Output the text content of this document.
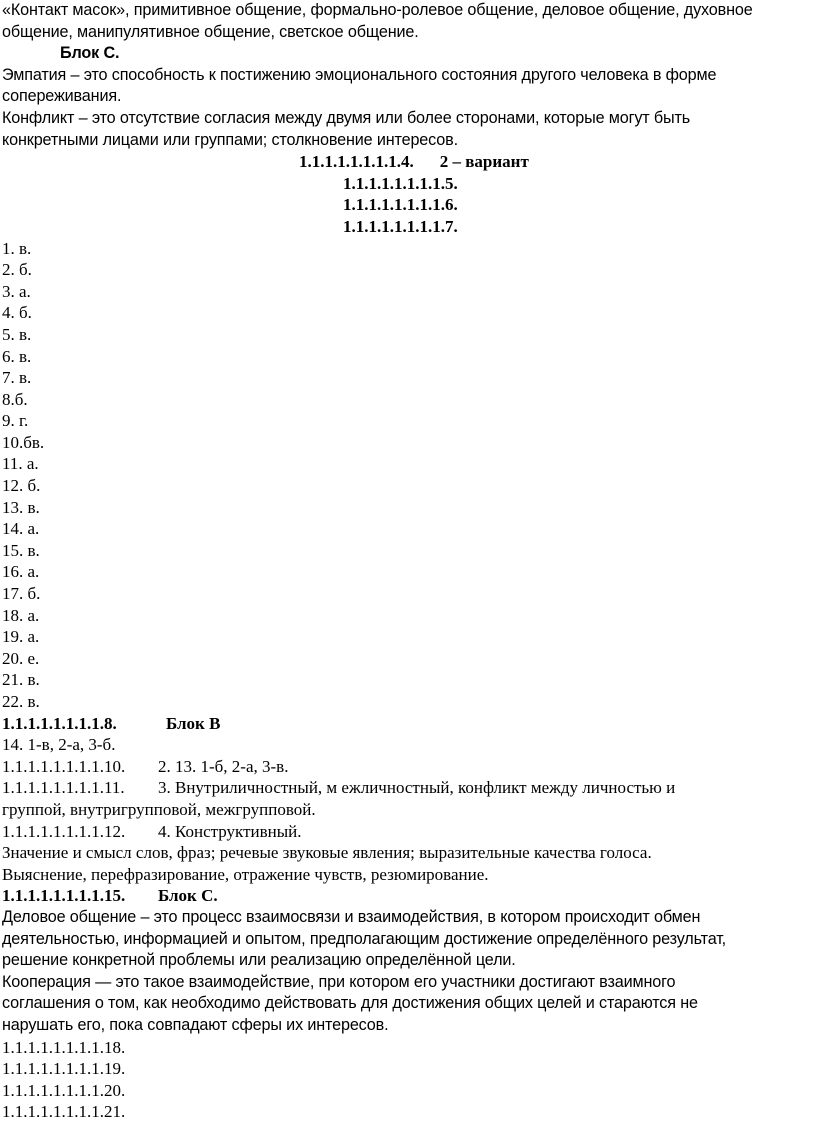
«Контакт масок», примитивное общение, формально-ролевое общение, деловое общение, духовное
общение, манипулятивное общение, светское общение.
Блок С.
Эмпатия – это способность к постижению эмоционального состояния другого человека в форме
сопереживания.
Конфликт – это отсутствие согласия между двумя или более сторонами, которые могут быть
конкретными лицами или группами; столкновение интересов.
1.1.1.1.1.1.1.1.4. 2 – вариант
1.1.1.1.1.1.1.1.5.
1.1.1.1.1.1.1.1.6.
1.1.1.1.1.1.1.1.7.
1. в.
2. б.
3. а.
4. б.
5. в.
6. в.
7. в.
8.б.
9. г.
10.бв.
11. а.
12. б.
13. в.
14. а.
15. в.
16. а.
17. б.
18. а.
19. а.
20. е.
21. в.
22. в.
1.1.1.1.1.1.1.1.8.	Блок В
14. 1-в, 2-а, 3-б.
1.1.1.1.1.1.1.1.10.	2. 13. 1-б, 2-а, 3-в.
1.1.1.1.1.1.1.1.11.	3. Внутриличностный, м ежличностный, конфликт между личностью и
группой, внутригрупповой, межгрупповой.
1.1.1.1.1.1.1.1.12.	4. Конструктивный.
Значение и смысл слов, фраз; речевые звуковые явления; выразительные качества голоса.
Выяснение, перефразирование, отражение чувств, резюмирование.
1.1.1.1.1.1.1.1.15.	Блок С.
Деловое общение – это процесс взаимосвязи и взаимодействия, в котором происходит обмен
деятельностью, информацией и опытом, предполагающим достижение определённого результат,
решение конкретной проблемы или реализацию определённой цели.
Кооперация — это такое взаимодействие, при котором его участники достигают взаимного
соглашения о том, как необходимо действовать для достижения общих целей и стараются не
нарушать его, пока совпадают сферы их интересов.
1.1.1.1.1.1.1.1.18.
1.1.1.1.1.1.1.1.19.
1.1.1.1.1.1.1.1.20.
1.1.1.1.1.1.1.1.21.
